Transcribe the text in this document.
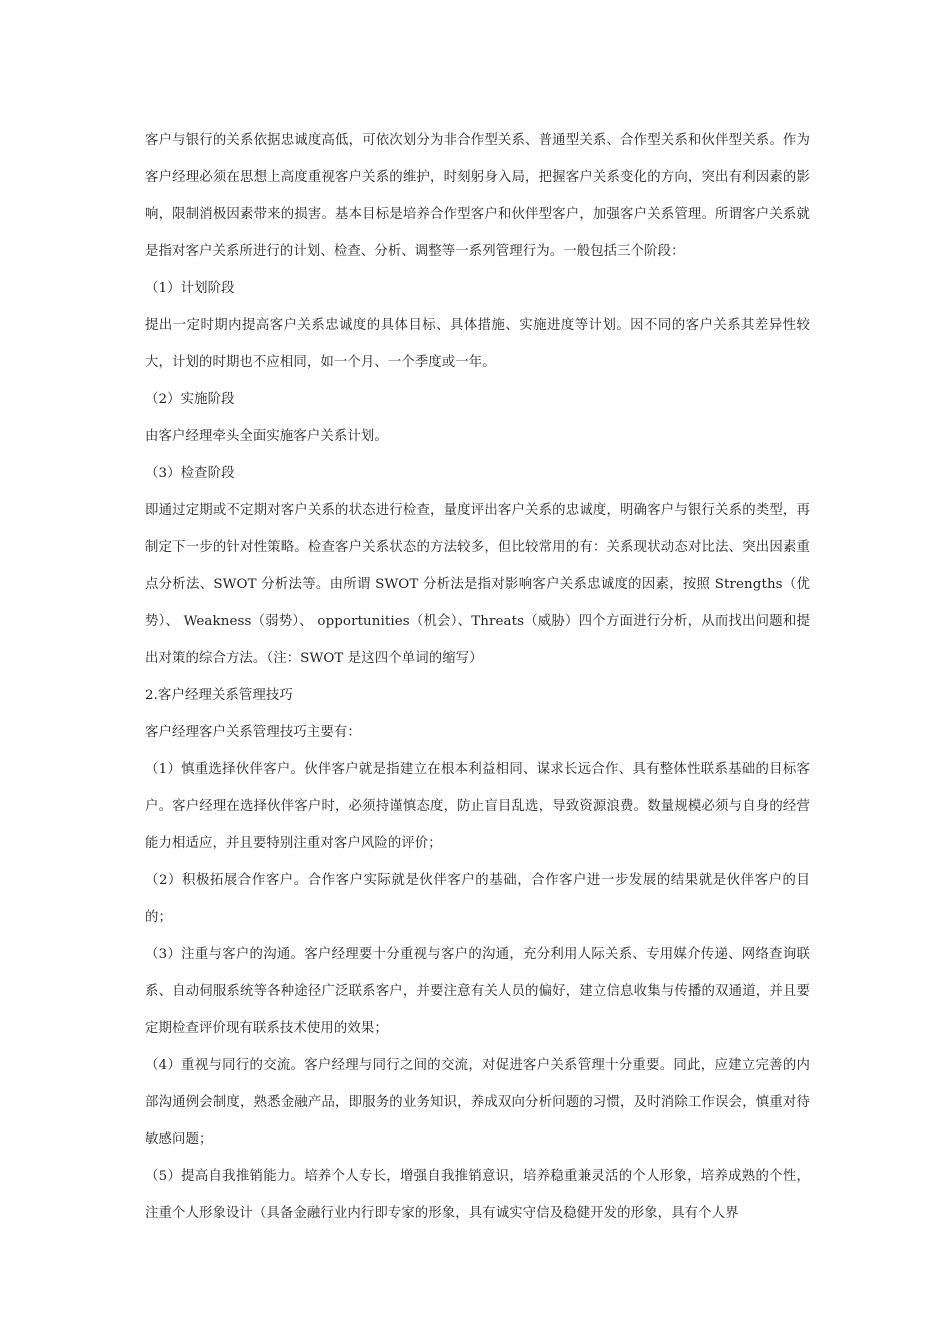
客户与银行的关系依据忠诚度高低，可依次划分为非合作型关系、普通型关系、合作型关系和伙伴型关系。作为客户经理必须在思想上高度重视客户关系的维护，时刻躬身入局，把握客户关系变化的方向，突出有利因素的影响，限制消极因素带来的损害。基本目标是培养合作型客户和伙伴型客户，加强客户关系管理。所谓客户关系就是指对客户关系所进行的计划、检查、分析、调整等一系列管理行为。一般包括三个阶段：

（1）计划阶段

提出一定时期内提高客户关系忠诚度的具体目标、具体措施、实施进度等计划。因不同的客户关系其差异性较大，计划的时期也不应相同，如一个月、一个季度或一年。

（2）实施阶段

由客户经理牵头全面实施客户关系计划。

（3）检查阶段

即通过定期或不定期对客户关系的状态进行检查，量度评出客户关系的忠诚度，明确客户与银行关系的类型，再制定下一步的针对性策略。检查客户关系状态的方法较多，但比较常用的有：关系现状动态对比法、突出因素重点分析法、SWOT 分析法等。由所谓 SWOT 分析法是指对影响客户关系忠诚度的因素，按照 Strengths（优势）、 Weakness（弱势）、 opportunities（机会）、Threats（威胁）四个方面进行分析，从而找出问题和提出对策的综合方法。（注：SWOT 是这四个单词的缩写）

2.客户经理关系管理技巧

客户经理客户关系管理技巧主要有：

（1）慎重选择伙伴客户。伙伴客户就是指建立在根本利益相同、谋求长远合作、具有整体性联系基础的目标客户。客户经理在选择伙伴客户时，必须持谨慎态度，防止盲目乱选，导致资源浪费。数量规模必须与自身的经营能力相适应，并且要特别注重对客户风险的评价；

（2）积极拓展合作客户。合作客户实际就是伙伴客户的基础，合作客户进一步发展的结果就是伙伴客户的目的；

（3）注重与客户的沟通。客户经理要十分重视与客户的沟通，充分利用人际关系、专用媒介传递、网络查询联系、自动伺服系统等各种途径广泛联系客户，并要注意有关人员的偏好，建立信息收集与传播的双通道，并且要定期检查评价现有联系技术使用的效果；

（4）重视与同行的交流。客户经理与同行之间的交流，对促进客户关系管理十分重要。同此，应建立完善的内部沟通例会制度，熟悉金融产品，即服务的业务知识，养成双向分析问题的习惯，及时消除工作误会，慎重对待敏感问题；

（5）提高自我推销能力。培养个人专长，增强自我推销意识，培养稳重兼灵活的个人形象，培养成熟的个性，注重个人形象设计（具备金融行业内行即专家的形象，具有诚实守信及稳健开发的形象，具有个人界
